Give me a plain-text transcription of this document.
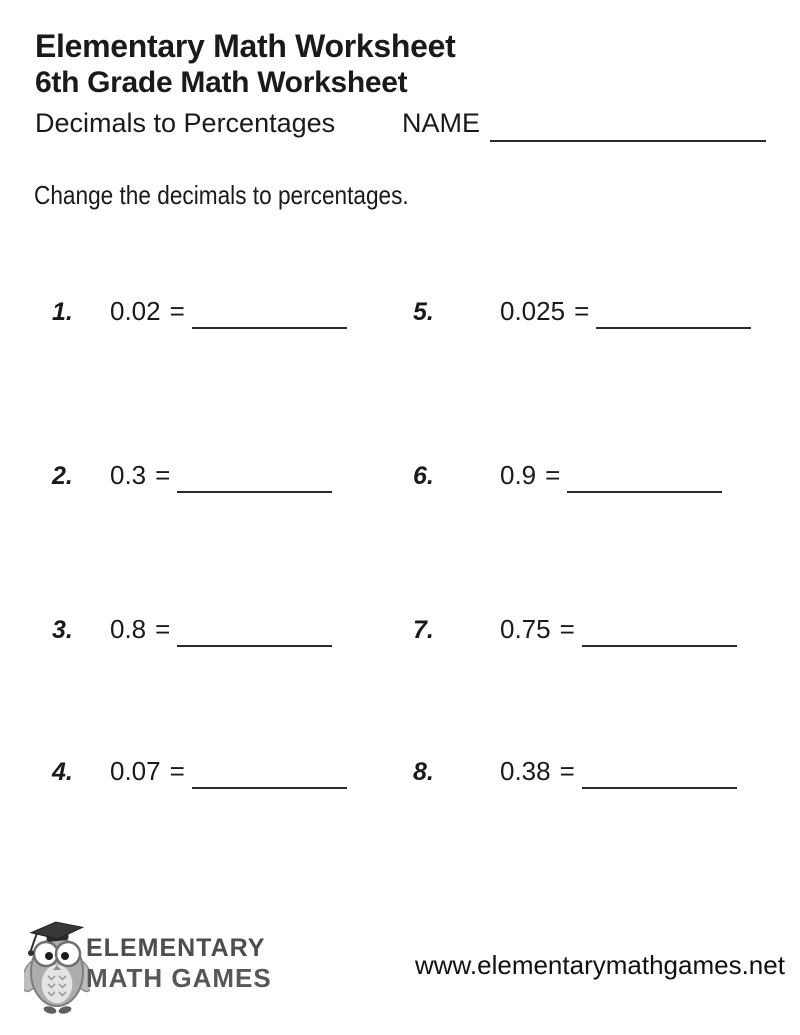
Elementary Math Worksheet
6th Grade Math Worksheet
Decimals to Percentages NAME
Change the decimals to percentages.
1.	0.02 =
2.	0.3 =
3.	0.8 =
4.	0.07 =
5.	0.025 =
6.	0.9 =
7.	0.75 =
8.	0.38 =
ELEMENTARY
MATH GAMES	www.elementarymathgames.net
